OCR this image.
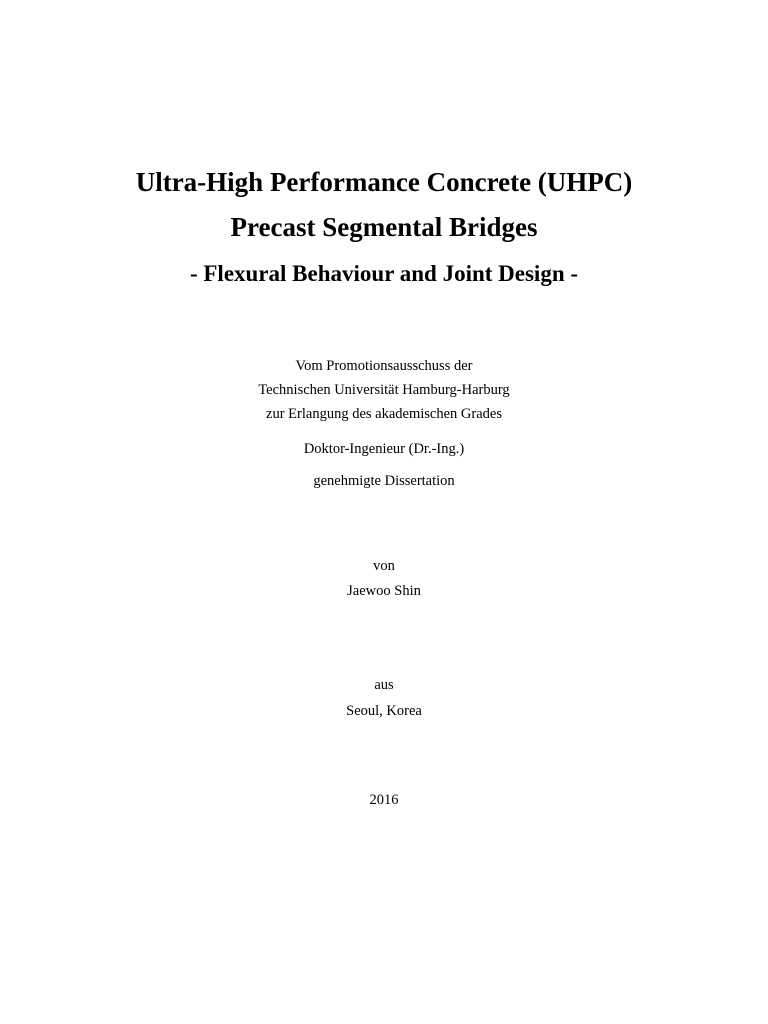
Ultra-High Performance Concrete (UHPC)
Precast Segmental Bridges
- Flexural Behaviour and Joint Design -
Vom Promotionsausschuss der
Technischen Universität Hamburg-Harburg
zur Erlangung des akademischen Grades
Doktor-Ingenieur (Dr.-Ing.)
genehmigte Dissertation
von
Jaewoo Shin
aus
Seoul, Korea
2016
